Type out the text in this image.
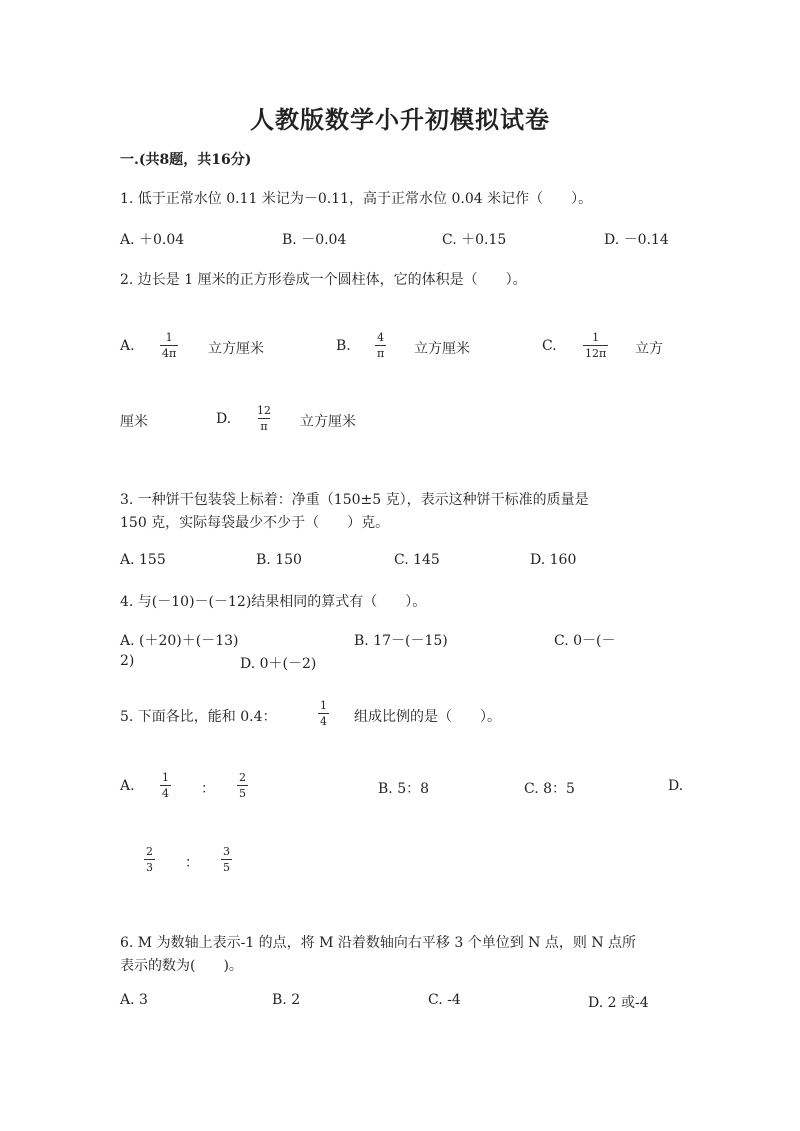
人教版数学小升初模拟试卷
一.(共8题，共16分)
1. 低于正常水位 0.11 米记为－0.11，高于正常水位 0.04 米记作（　　）。
A. ＋0.04	B. －0.04	C. ＋0.15	D. －0.14
2. 边长是 1 厘米的正方形卷成一个圆柱体，它的体积是（　　）。
A. $\frac{1}{4\pi}$ 立方厘米	B. $\frac{4}{\pi}$ 立方厘米	C. $\frac{1}{12\pi}$ 立方
厘米	D. $\frac{12}{\pi}$ 立方厘米
3. 一种饼干包装袋上标着：净重（150±5 克），表示这种饼干标准的质量是
150 克，实际每袋最少不少于（　　）克。
A. 155	B. 150	C. 145	D. 160
4. 与(－10)－(－12)结果相同的算式有（　　）。
A. (＋20)＋(－13)	B. 17－(－15)	C. 0－(－
2)	D. 0＋(－2)
5. 下面各比，能和 0.4：	$\frac{1}{4}$ 组成比例的是（　　）。
A. $\frac{1}{4}$ ： $\frac{2}{5}$	B. 5：8	C. 8：5	D.
$\frac{2}{3}$ ： $\frac{3}{5}$
6. M 为数轴上表示-1 的点，将 M 沿着数轴向右平移 3 个单位到 N 点，则 N 点所
表示的数为(　　)。
A. 3	B. 2	C. -4	D. 2 或-4
